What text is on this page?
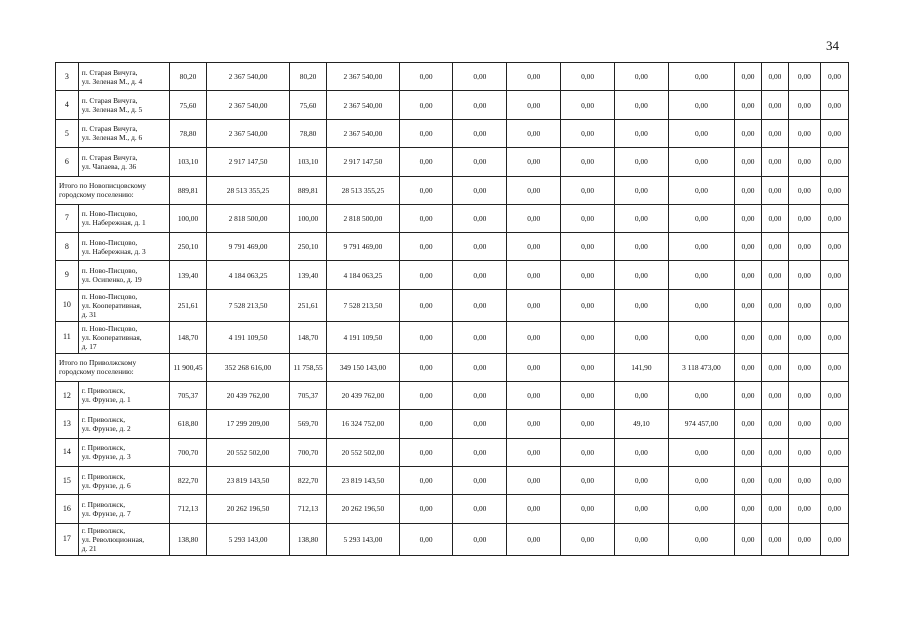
34
3	п. Старая Вичуга,
ул. Зеленая М., д. 4	80,20	2 367 540,00	80,20	2 367 540,00	0,00	0,00	0,00	0,00	0,00	0,00	0,00	0,00	0,00	0,00
4	п. Старая Вичуга,
ул. Зеленая М., д. 5	75,60	2 367 540,00	75,60	2 367 540,00	0,00	0,00	0,00	0,00	0,00	0,00	0,00	0,00	0,00	0,00
5	п. Старая Вичуга,
ул. Зеленая М., д. 6	78,80	2 367 540,00	78,80	2 367 540,00	0,00	0,00	0,00	0,00	0,00	0,00	0,00	0,00	0,00	0,00
6	п. Старая Вичуга,
ул. Чапаева, д. 36	103,10	2 917 147,50	103,10	2 917 147,50	0,00	0,00	0,00	0,00	0,00	0,00	0,00	0,00	0,00	0,00
Итого по Новописцовскому
городскому поселению:		889,81	28 513 355,25	889,81	28 513 355,25	0,00	0,00	0,00	0,00	0,00	0,00	0,00	0,00	0,00	0,00
7	п. Ново-Писцово,
ул. Набережная, д. 1	100,00	2 818 500,00	100,00	2 818 500,00	0,00	0,00	0,00	0,00	0,00	0,00	0,00	0,00	0,00	0,00
8	п. Ново-Писцово,
ул. Набережная, д. 3	250,10	9 791 469,00	250,10	9 791 469,00	0,00	0,00	0,00	0,00	0,00	0,00	0,00	0,00	0,00	0,00
9	п. Ново-Писцово,
ул. Осипенко, д. 19	139,40	4 184 063,25	139,40	4 184 063,25	0,00	0,00	0,00	0,00	0,00	0,00	0,00	0,00	0,00	0,00
10	п. Ново-Писцово,
ул. Кооперативная,
д. 31	251,61	7 528 213,50	251,61	7 528 213,50	0,00	0,00	0,00	0,00	0,00	0,00	0,00	0,00	0,00	0,00
11	п. Ново-Писцово,
ул. Кооперативная,
д. 17	148,70	4 191 109,50	148,70	4 191 109,50	0,00	0,00	0,00	0,00	0,00	0,00	0,00	0,00	0,00	0,00
Итого по Приволжскому
городскому поселению:		11 900,45	352 268 616,00	11 758,55	349 150 143,00	0,00	0,00	0,00	0,00	141,90	3 118 473,00	0,00	0,00	0,00	0,00
12	г. Приволжск,
ул. Фрунзе, д. 1	705,37	20 439 762,00	705,37	20 439 762,00	0,00	0,00	0,00	0,00	0,00	0,00	0,00	0,00	0,00	0,00
13	г. Приволжск,
ул. Фрунзе, д. 2	618,80	17 299 209,00	569,70	16 324 752,00	0,00	0,00	0,00	0,00	49,10	974 457,00	0,00	0,00	0,00	0,00
14	г. Приволжск,
ул. Фрунзе, д. 3	700,70	20 552 502,00	700,70	20 552 502,00	0,00	0,00	0,00	0,00	0,00	0,00	0,00	0,00	0,00	0,00
15	г. Приволжск,
ул. Фрунзе, д. 6	822,70	23 819 143,50	822,70	23 819 143,50	0,00	0,00	0,00	0,00	0,00	0,00	0,00	0,00	0,00	0,00
16	г. Приволжск,
ул. Фрунзе, д. 7	712,13	20 262 196,50	712,13	20 262 196,50	0,00	0,00	0,00	0,00	0,00	0,00	0,00	0,00	0,00	0,00
17	г. Приволжск,
ул. Революционная,
д. 21	138,80	5 293 143,00	138,80	5 293 143,00	0,00	0,00	0,00	0,00	0,00	0,00	0,00	0,00	0,00	0,00
